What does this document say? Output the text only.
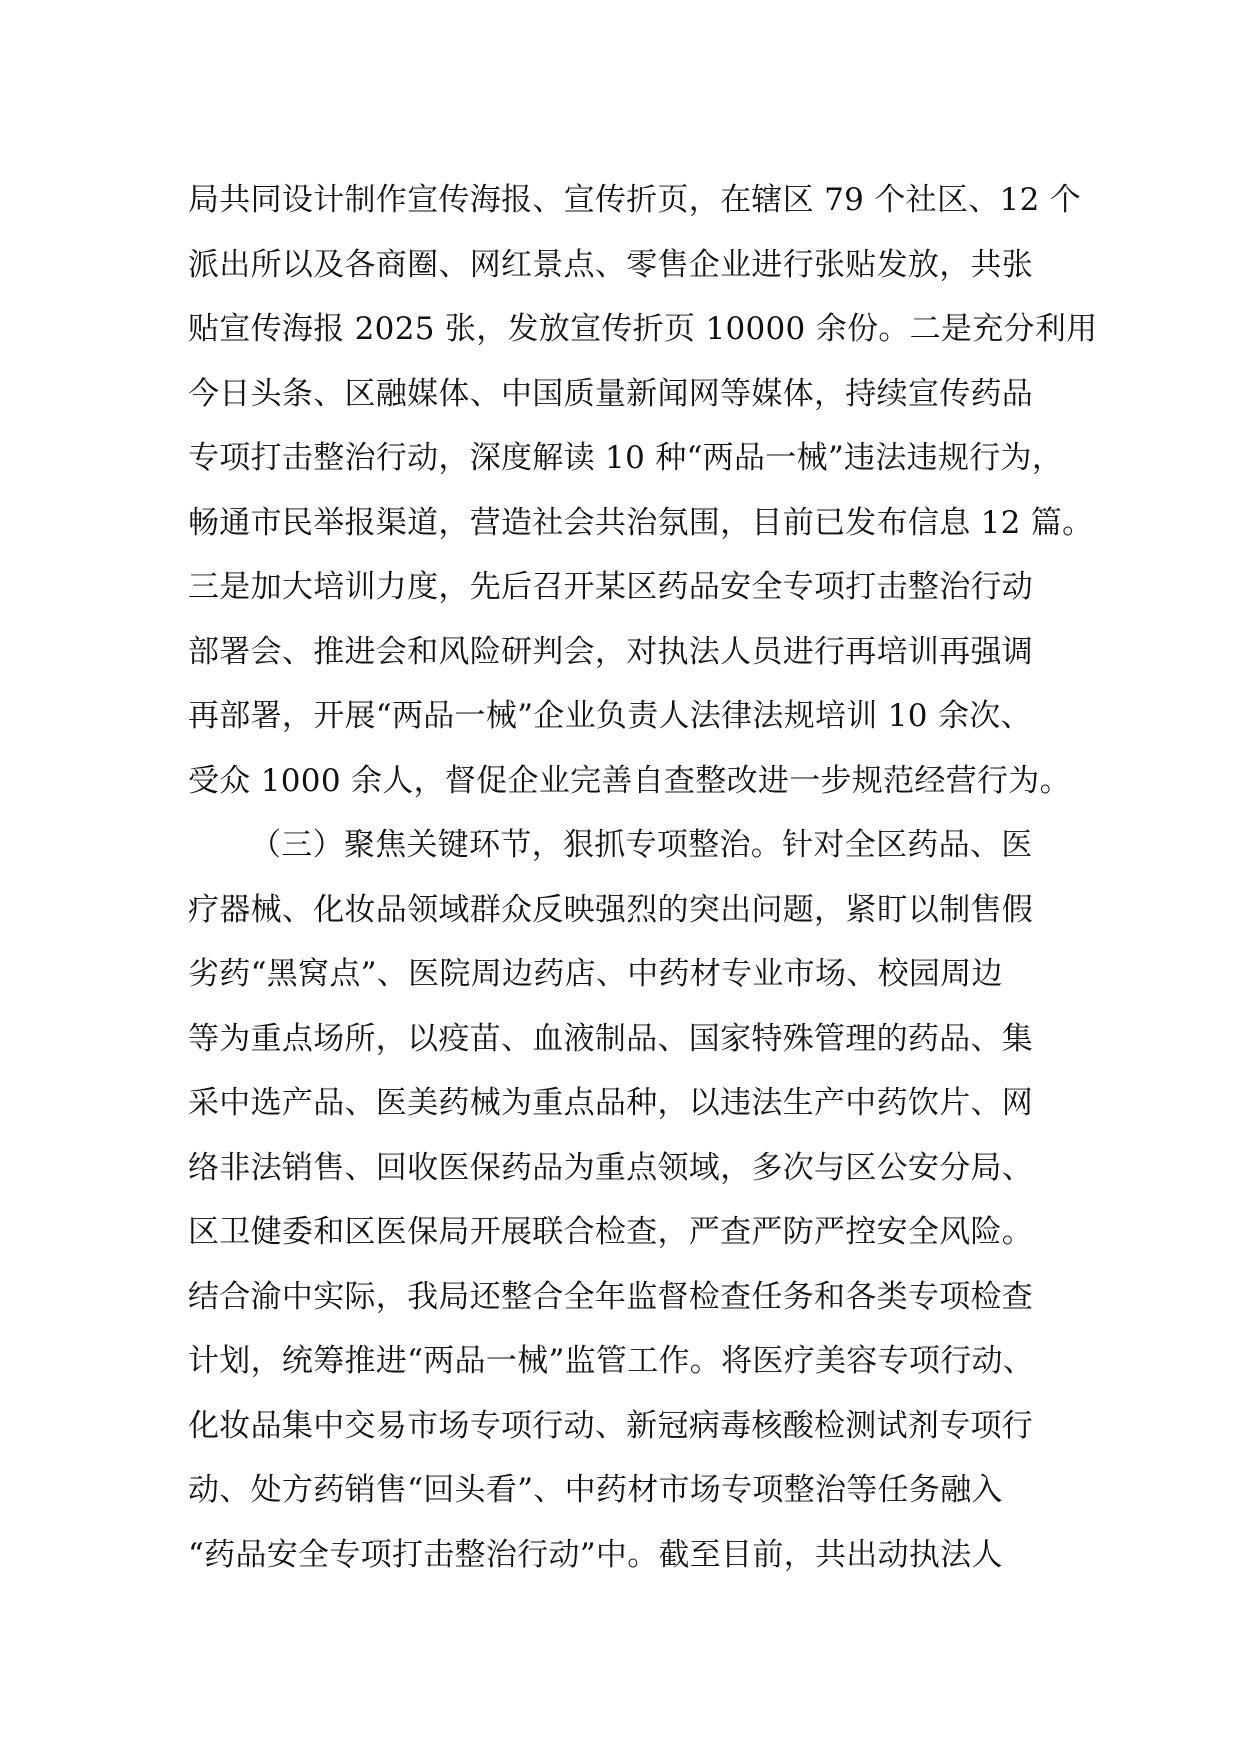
局共同设计制作宣传海报、宣传折页，在辖区 79 个社区、12 个
派出所以及各商圈、网红景点、零售企业进行张贴发放，共张
贴宣传海报 2025 张，发放宣传折页 10000 余份。二是充分利用
今日头条、区融媒体、中国质量新闻网等媒体，持续宣传药品
专项打击整治行动，深度解读 10 种“两品一械”违法违规行为，
畅通市民举报渠道，营造社会共治氛围，目前已发布信息 12 篇。
三是加大培训力度，先后召开某区药品安全专项打击整治行动
部署会、推进会和风险研判会，对执法人员进行再培训再强调
再部署，开展“两品一械”企业负责人法律法规培训 10 余次、
受众 1000 余人，督促企业完善自查整改进一步规范经营行为。
（三）聚焦关键环节，狠抓专项整治。针对全区药品、医
疗器械、化妆品领域群众反映强烈的突出问题，紧盯以制售假
劣药“黑窝点”、医院周边药店、中药材专业市场、校园周边
等为重点场所，以疫苗、血液制品、国家特殊管理的药品、集
采中选产品、医美药械为重点品种，以违法生产中药饮片、网
络非法销售、回收医保药品为重点领域，多次与区公安分局、
区卫健委和区医保局开展联合检查，严查严防严控安全风险。
结合渝中实际，我局还整合全年监督检查任务和各类专项检查
计划，统筹推进“两品一械”监管工作。将医疗美容专项行动、
化妆品集中交易市场专项行动、新冠病毒核酸检测试剂专项行
动、处方药销售“回头看”、中药材市场专项整治等任务融入
“药品安全专项打击整治行动”中。截至目前，共出动执法人
